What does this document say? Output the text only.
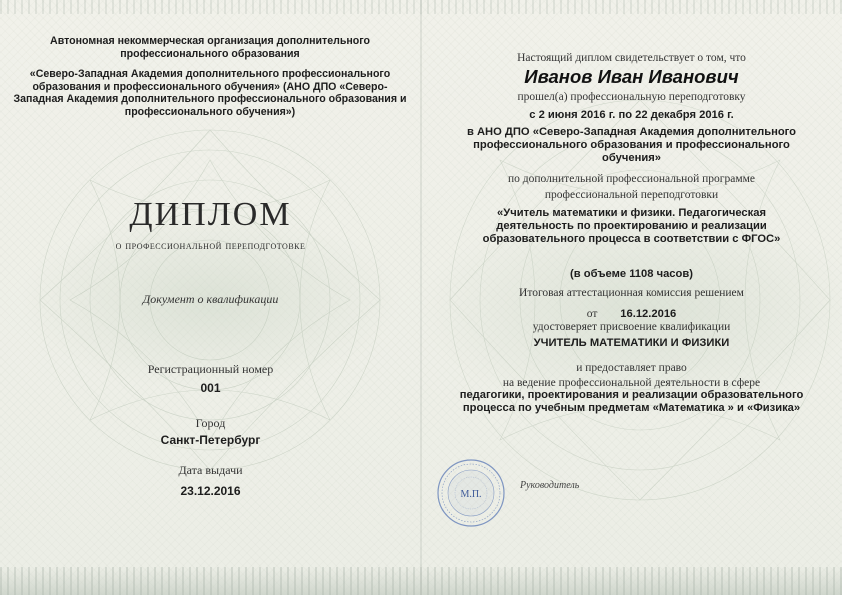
Автономная некоммерческая организация дополнительного профессионального образования
«Северо-Западная Академия дополнительного профессионального образования и профессионального обучения» (АНО ДПО «Северо-Западная Академия дополнительного профессионального образования и профессионального обучения»)
ДИПЛОМ
о профессиональной переподготовке
Документ о квалификации
Регистрационный номер
001
Город
Санкт-Петербург
Дата выдачи
23.12.2016
Настоящий диплом свидетельствует о том, что
Иванов Иван Иванович
прошел(а) профессиональную переподготовку
с 2 июня 2016 г. по 22 декабря 2016 г.
в АНО ДПО «Северо-Западная Академия дополнительного профессионального образования и профессионального обучения»
по дополнительной профессиональной программе
профессиональной переподготовки
«Учитель математики и физики. Педагогическая деятельность по проектированию и реализации образовательного процесса в соответствии с ФГОС»
(в объеме 1108 часов)
Итоговая аттестационная комиссия решением
от 16.12.2016
удостоверяет присвоение квалификации
УЧИТЕЛЬ МАТЕМАТИКИ И ФИЗИКИ
и предоставляет право
на ведение профессиональной деятельности в сфере
педагогики, проектирования и реализации образовательного процесса по учебным предметам «Математика » и «Физика»
М.П.
Руководитель
